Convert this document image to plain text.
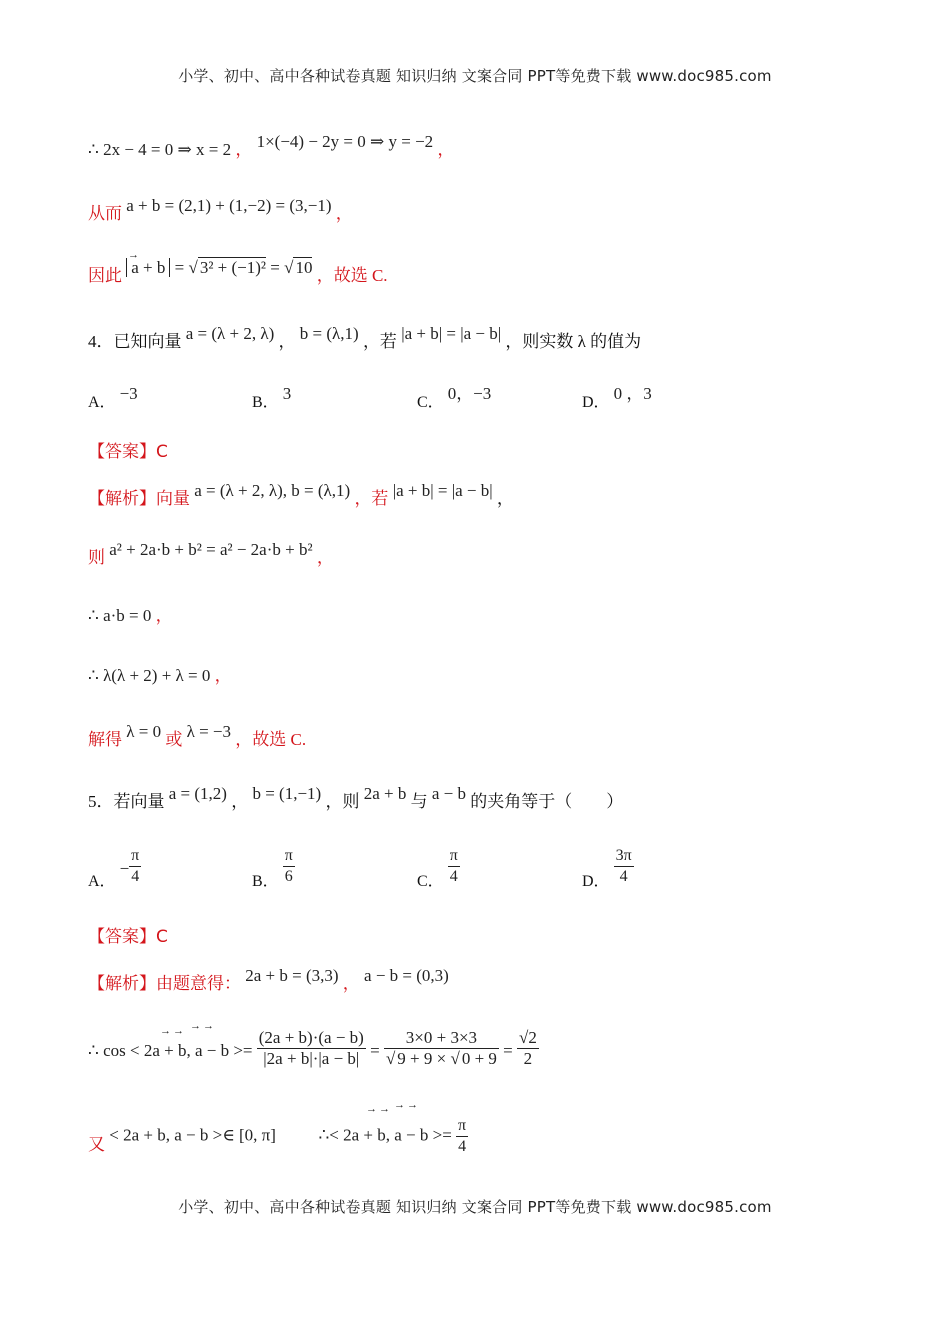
小学、初中、高中各种试卷真题 知识归纳 文案合同 PPT等免费下载 www.doc985.com
∴ 2x − 4 = 0 ⇒ x = 2 ， 1×(−4) − 2y = 0 ⇒ y = −2 ，
从而 a + b = (2,1) + (1,−2) = (3,−1) ，
因此 a + b = √ 3² + (−1)² = √ 10 ，故选 C.
→
4．已知向量 a = (λ + 2, λ) ， b = (λ,1) ，若 |a + b| = |a − b| ，则实数 λ 的值为
A． −3	B． 3	C． 0，−3	D． 0 ，3
【答案】C
【解析】向量 a = (λ + 2, λ), b = (λ,1) ，若 |a + b| = |a − b| ，
则 a² + 2a·b + b² = a² − 2a·b + b² ，
∴ a·b = 0 ，
∴ λ(λ + 2) + λ = 0 ，
解得 λ = 0 或 λ = −3 ，故选 C.
5．若向量 a = (1,2) ， b = (1,−1) ，则 2a + b 与 a − b 的夹角等于（　　）
A． − $\frac{\pi}{4}$	B． $\frac{\pi}{6}$	C． $\frac{\pi}{4}$	D． $\frac{3\pi}{4}$
【答案】C
【解析】由题意得： 2a + b = (3,3) ， a − b = (0,3)
∴ cos < 2a + b, $a - b >= \frac{(2a + b)\cdot(a - b)}{|2a + b|\cdot|a - b|} = \frac{3\times 0 + 3\times 3}{√ 9 + 9 \times √ 0 + 9} = \frac{√2}{2}$
→→ →→
又 < 2a + b, a − b >∈ [0, π]	∴< 2a + b, $a - b >= \frac{\pi}{4}$
→→ →→
小学、初中、高中各种试卷真题 知识归纳 文案合同 PPT等免费下载 www.doc985.com
